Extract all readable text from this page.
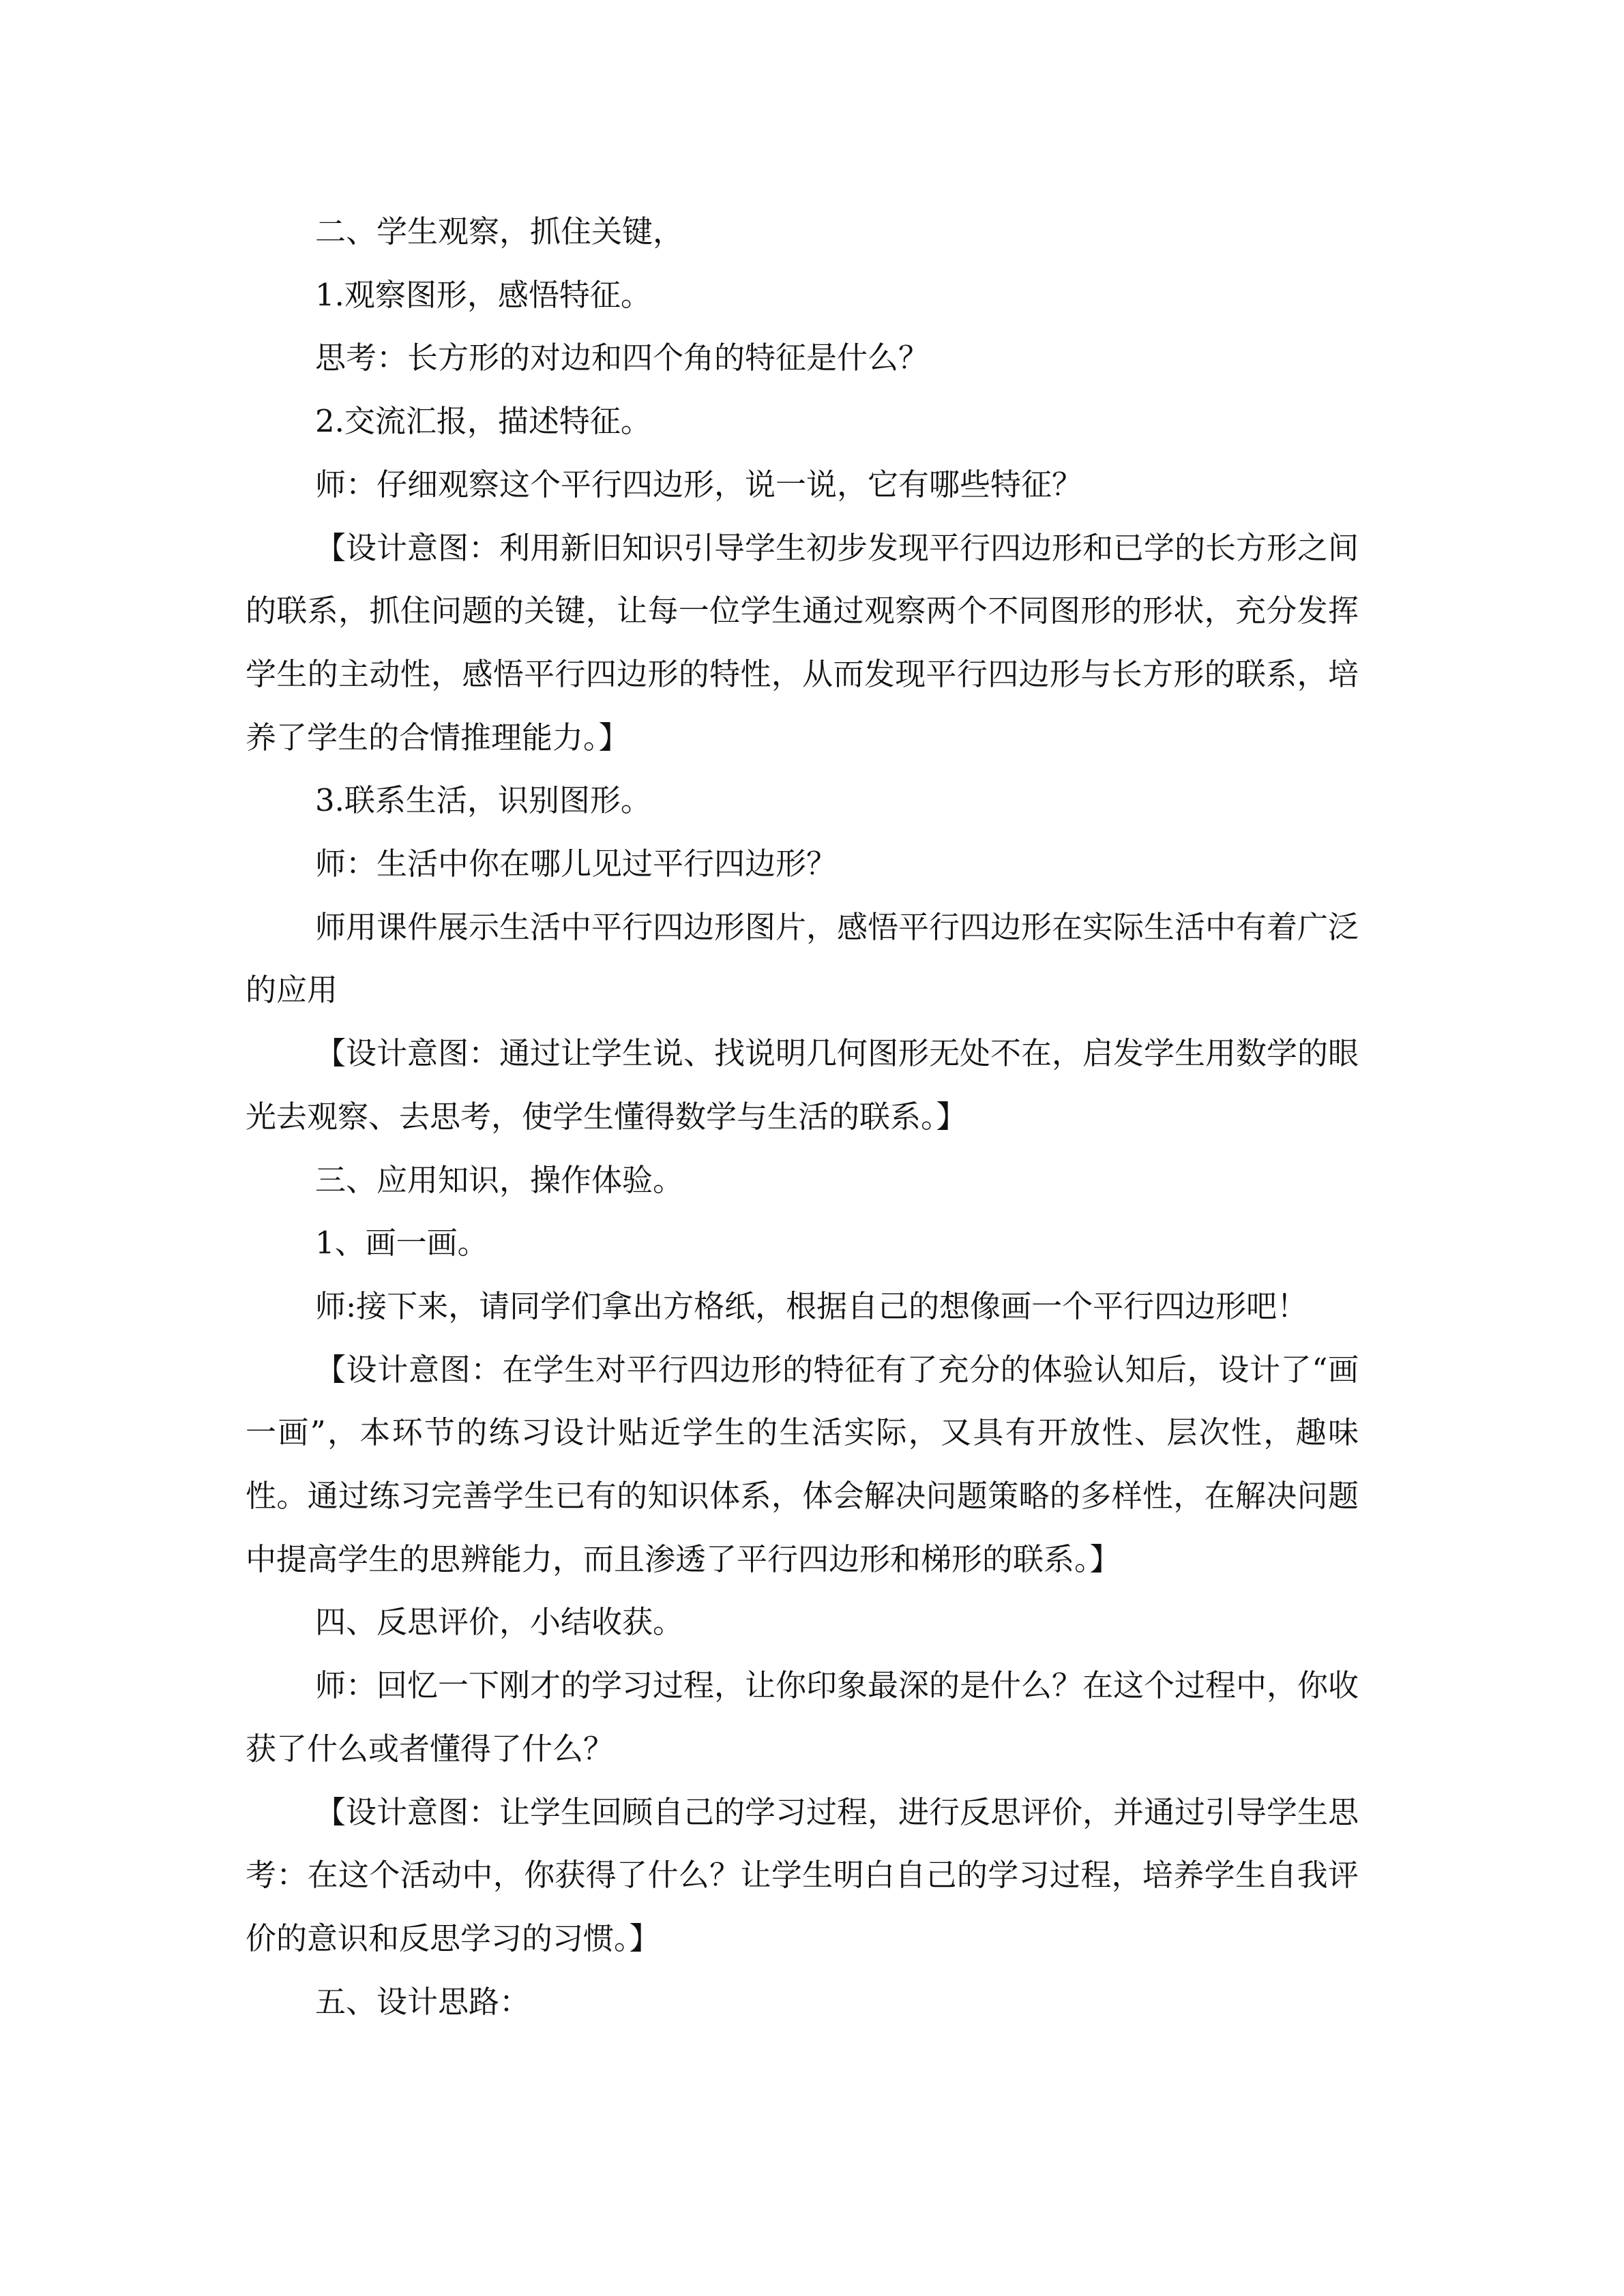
二、学生观察，抓住关键，

1.观察图形，感悟特征。

思考：长方形的对边和四个角的特征是什么？

2.交流汇报，描述特征。

师：仔细观察这个平行四边形，说一说，它有哪些特征？

【设计意图：利用新旧知识引导学生初步发现平行四边形和已学的长方形之间的联系，抓住问题的关键，让每一位学生通过观察两个不同图形的形状，充分发挥学生的主动性，感悟平行四边形的特性，从而发现平行四边形与长方形的联系，培养了学生的合情推理能力。】

3.联系生活，识别图形。

师：生活中你在哪儿见过平行四边形？

师用课件展示生活中平行四边形图片，感悟平行四边形在实际生活中有着广泛的应用

【设计意图：通过让学生说、找说明几何图形无处不在，启发学生用数学的眼光去观察、去思考，使学生懂得数学与生活的联系。】

三、应用知识，操作体验。

1、画一画。

师:接下来，请同学们拿出方格纸，根据自己的想像画一个平行四边形吧！

【设计意图：在学生对平行四边形的特征有了充分的体验认知后，设计了“画一画”，本环节的练习设计贴近学生的生活实际，又具有开放性、层次性，趣味性。通过练习完善学生已有的知识体系，体会解决问题策略的多样性，在解决问题中提高学生的思辨能力，而且渗透了平行四边形和梯形的联系。】

四、反思评价，小结收获。

师：回忆一下刚才的学习过程，让你印象最深的是什么？在这个过程中，你收获了什么或者懂得了什么？

【设计意图：让学生回顾自己的学习过程，进行反思评价，并通过引导学生思考：在这个活动中，你获得了什么？让学生明白自己的学习过程，培养学生自我评价的意识和反思学习的习惯。】

五、设计思路：
